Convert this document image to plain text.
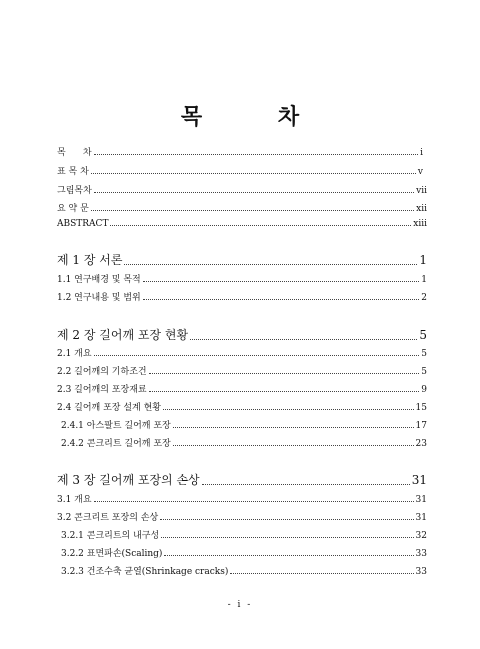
목 차
목      차	i
표 목 차	v
그림목차	vii
요 약 문	xii
ABSTRACT	xiii
제 1 장 서론	1
1.1 연구배경 및 목적	1
1.2 연구내용 및 범위	2
제 2 장 길어깨 포장 현황	5
2.1 개요	5
2.2 길어깨의 기하조건	5
2.3 길어깨의 포장재료	9
2.4 길어깨 포장 설계 현황	15
2.4.1 아스팔트 길어깨 포장	17
2.4.2 콘크리트 길어깨 포장	23
제 3 장 길어깨 포장의 손상	31
3.1 개요	31
3.2 콘크리트 포장의 손상	31
3.2.1 콘크리트의 내구성	32
3.2.2 표면파손(Scaling)	33
3.2.3 건조수축 균열(Shrinkage cracks)	33
- i -
